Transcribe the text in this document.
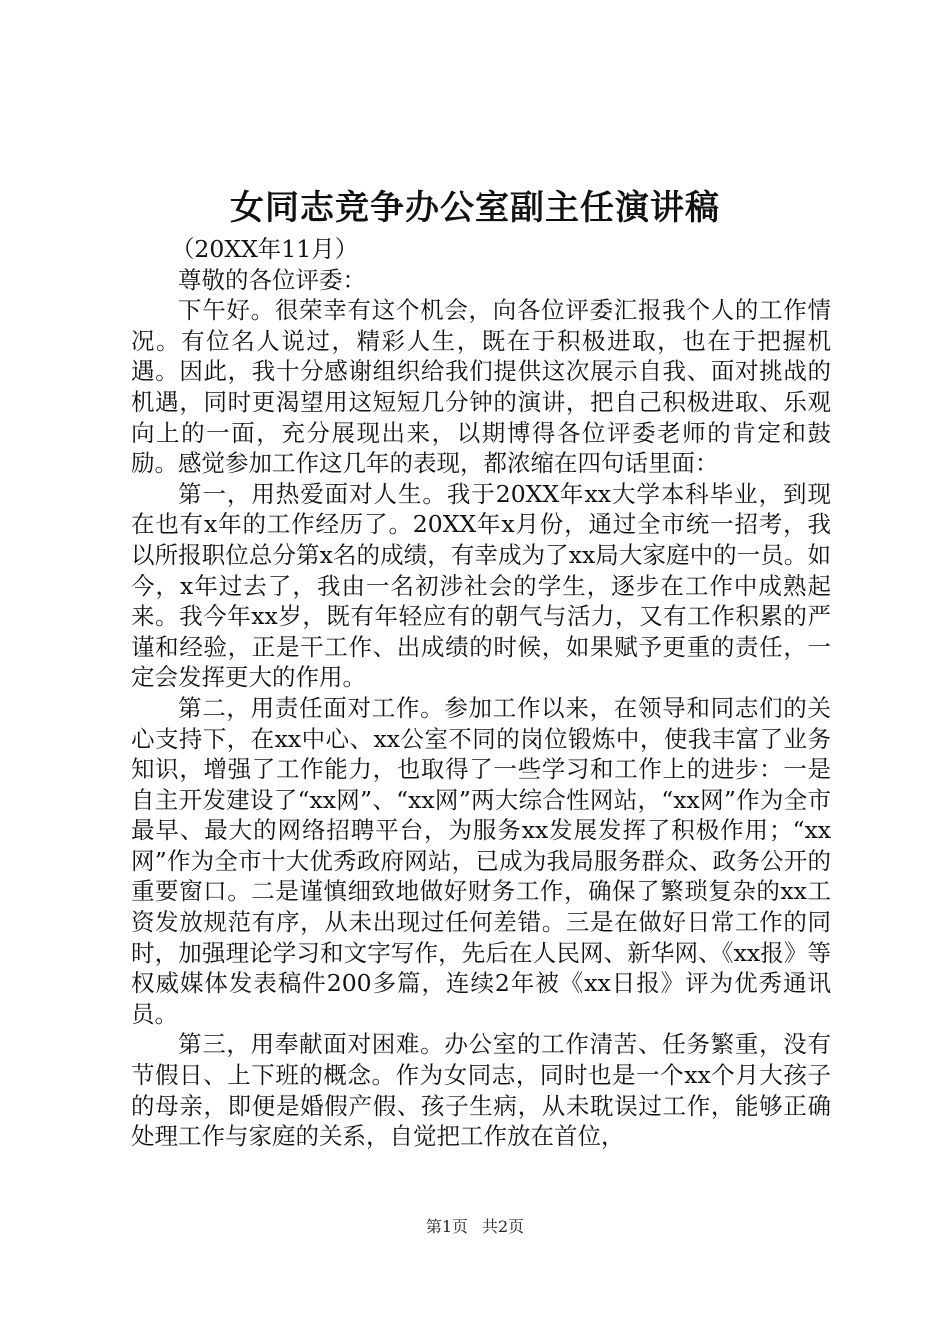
女同志竞争办公室副主任演讲稿

（20XX年11月）

尊敬的各位评委：

下午好。很荣幸有这个机会，向各位评委汇报我个人的工作情况。有位名人说过，精彩人生，既在于积极进取，也在于把握机遇。因此，我十分感谢组织给我们提供这次展示自我、面对挑战的机遇，同时更渴望用这短短几分钟的演讲，把自己积极进取、乐观向上的一面，充分展现出来，以期博得各位评委老师的肯定和鼓励。感觉参加工作这几年的表现，都浓缩在四句话里面：

第一，用热爱面对人生。我于20XX年xx大学本科毕业，到现在也有x年的工作经历了。20XX年x月份，通过全市统一招考，我以所报职位总分第x名的成绩，有幸成为了xx局大家庭中的一员。如今，x年过去了，我由一名初涉社会的学生，逐步在工作中成熟起来。我今年xx岁，既有年轻应有的朝气与活力，又有工作积累的严谨和经验，正是干工作、出成绩的时候，如果赋予更重的责任，一定会发挥更大的作用。

第二，用责任面对工作。参加工作以来，在领导和同志们的关心支持下，在xx中心、xx公室不同的岗位锻炼中，使我丰富了业务知识，增强了工作能力，也取得了一些学习和工作上的进步：一是自主开发建设了“xx网”、“xx网”两大综合性网站，“xx网”作为全市最早、最大的网络招聘平台，为服务xx发展发挥了积极作用；“xx网”作为全市十大优秀政府网站，已成为我局服务群众、政务公开的重要窗口。二是谨慎细致地做好财务工作，确保了繁琐复杂的xx工资发放规范有序，从未出现过任何差错。三是在做好日常工作的同时，加强理论学习和文字写作，先后在人民网、新华网、《xx报》等权威媒体发表稿件200多篇，连续2年被《xx日报》评为优秀通讯员。

第三，用奉献面对困难。办公室的工作清苦、任务繁重，没有节假日、上下班的概念。作为女同志，同时也是一个xx个月大孩子的母亲，即便是婚假产假、孩子生病，从未耽误过工作，能够正确处理工作与家庭的关系，自觉把工作放在首位，

第1页 共2页
